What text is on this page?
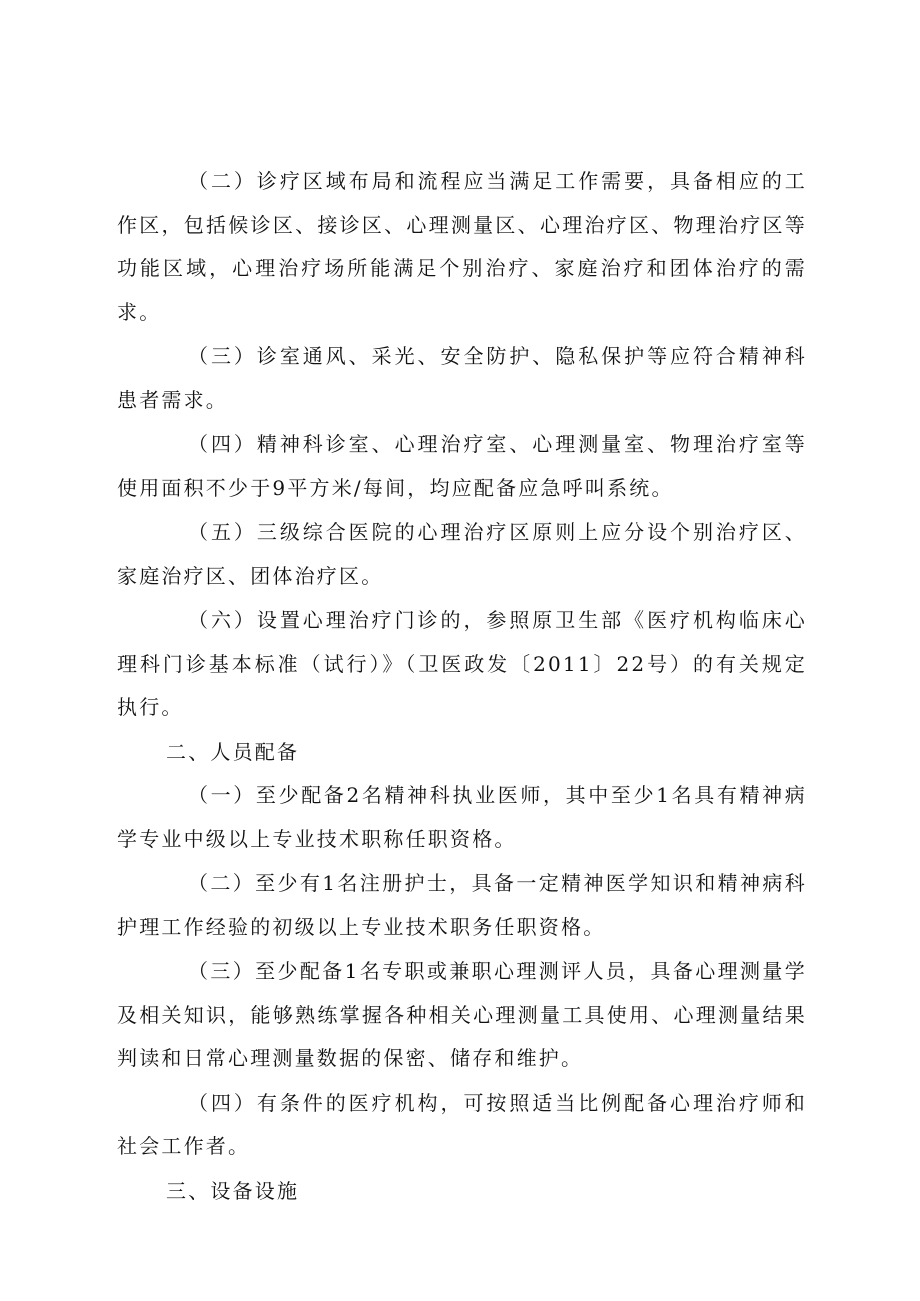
（二）诊疗区域布局和流程应当满足工作需要，具备相应的工作区，包括候诊区、接诊区、心理测量区、心理治疗区、物理治疗区等功能区域，心理治疗场所能满足个别治疗、家庭治疗和团体治疗的需求。

（三）诊室通风、采光、安全防护、隐私保护等应符合精神科患者需求。

（四）精神科诊室、心理治疗室、心理测量室、物理治疗室等使用面积不少于9平方米/每间，均应配备应急呼叫系统。

（五）三级综合医院的心理治疗区原则上应分设个别治疗区、家庭治疗区、团体治疗区。

（六）设置心理治疗门诊的，参照原卫生部《医疗机构临床心理科门诊基本标准（试行）》（卫医政发〔2011〕22号）的有关规定执行。

二、人员配备

（一）至少配备2名精神科执业医师，其中至少1名具有精神病学专业中级以上专业技术职称任职资格。

（二）至少有1名注册护士，具备一定精神医学知识和精神病科护理工作经验的初级以上专业技术职务任职资格。

（三）至少配备1名专职或兼职心理测评人员，具备心理测量学及相关知识，能够熟练掌握各种相关心理测量工具使用、心理测量结果判读和日常心理测量数据的保密、储存和维护。

（四）有条件的医疗机构，可按照适当比例配备心理治疗师和社会工作者。

三、设备设施
